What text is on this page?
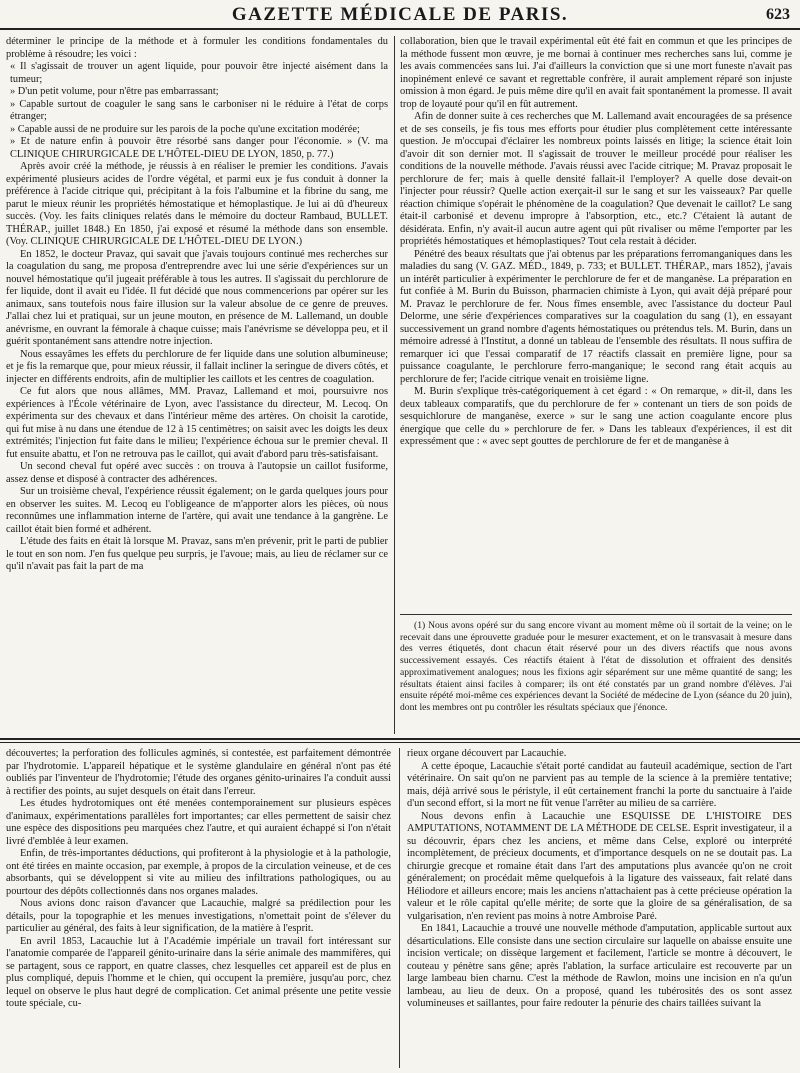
GAZETTE MÉDICALE DE PARIS.	623

déterminer le principe de la méthode et à formuler les conditions fondamentales du problème à résoudre; les voici :

« Il s'agissait de trouver un agent liquide, pour pouvoir être injecté aisément dans la tumeur;

» D'un petit volume, pour n'être pas embarrassant;

» Capable surtout de coaguler le sang sans le carboniser ni le réduire à l'état de corps étranger;

» Capable aussi de ne produire sur les parois de la poche qu'une excitation modérée;

» Et de nature enfin à pouvoir être résorbé sans danger pour l'économie. » (V. ma CLINIQUE CHIRURGICALE DE L'HÔTEL-DIEU DE LYON, 1850, p. 77.)

Après avoir créé la méthode, je réussis à en réaliser le premier les conditions. J'avais expérimenté plusieurs acides de l'ordre végétal, et parmi eux je fus conduit à donner la préférence à l'acide citrique qui, précipitant à la fois l'albumine et la fibrine du sang, me parut le mieux réunir les propriétés hémostatique et hémoplastique. Je lui ai dû d'heureux succès. (Voy. les faits cliniques relatés dans le mémoire du docteur Rambaud, BULLET. THÉRAP., juillet 1848.) En 1850, j'ai exposé et résumé la méthode dans son ensemble. (Voy. CLINIQUE CHIRURGICALE DE L'HÔTEL-DIEU DE LYON.)

En 1852, le docteur Pravaz, qui savait que j'avais toujours continué mes recherches sur la coagulation du sang, me proposa d'entreprendre avec lui une série d'expériences sur un nouvel hémostatique qu'il jugeait préférable à tous les autres. Il s'agissait du perchlorure de fer liquide, dont il avait eu l'idée. Il fut décidé que nous commencerions par opérer sur les animaux, sans toutefois nous faire illusion sur la valeur absolue de ce genre de preuves. J'allai chez lui et pratiquai, sur un jeune mouton, en présence de M. Lallemand, un double anévrisme, en ouvrant la fémorale à chaque cuisse; mais l'anévrisme se développa peu, et il guérit spontanément sans attendre notre injection.

Nous essayâmes les effets du perchlorure de fer liquide dans une solution albumineuse; et je fis la remarque que, pour mieux réussir, il fallait incliner la seringue de divers côtés, et injecter en différents endroits, afin de multiplier les caillots et les centres de coagulation.

Ce fut alors que nous allâmes, MM. Pravaz, Lallemand et moi, poursuivre nos expériences à l'École vétérinaire de Lyon, avec l'assistance du directeur, M. Lecoq. On expérimenta sur des chevaux et dans l'intérieur même des artères. On choisit la carotide, qui fut mise à nu dans une étendue de 12 à 15 centimètres; on saisit avec les doigts les deux extrémités; l'injection fut faite dans le milieu; l'expérience échoua sur le premier cheval. Il fut ensuite abattu, et l'on ne retrouva pas le caillot, qui avait d'abord paru très-satisfaisant.

Un second cheval fut opéré avec succès : on trouva à l'autopsie un caillot fusiforme, assez dense et disposé à contracter des adhérences.

Sur un troisième cheval, l'expérience réussit également; on le garda quelques jours pour en observer les suites. M. Lecoq eu l'obligeance de m'apporter alors les pièces, où nous reconnûmes une inflammation interne de l'artère, qui avait une tendance à la gangrène. Le caillot était bien formé et adhérent.

L'étude des faits en était là lorsque M. Pravaz, sans m'en prévenir, prit le parti de publier le tout en son nom. J'en fus quelque peu surpris, je l'avoue; mais, au lieu de réclamer sur ce qu'il n'avait pas fait la part de ma

collaboration, bien que le travail expérimental eût été fait en commun et que les principes de la méthode fussent mon œuvre, je me bornai à continuer mes recherches sans lui, comme je les avais commencées sans lui. J'ai d'ailleurs la conviction que si une mort funeste n'avait pas inopinément enlevé ce savant et regrettable confrère, il aurait amplement réparé son injuste omission à mon égard. Je puis même dire qu'il en avait fait spontanément la promesse. Il avait trop de loyauté pour qu'il en fût autrement.

Afin de donner suite à ces recherches que M. Lallemand avait encouragées de sa présence et de ses conseils, je fis tous mes efforts pour étudier plus complètement cette intéressante question. Je m'occupai d'éclairer les nombreux points laissés en litige; la science était loin d'avoir dit son dernier mot. Il s'agissait de trouver le meilleur procédé pour réaliser les conditions de la nouvelle méthode. J'avais réussi avec l'acide citrique; M. Pravaz proposait le perchlorure de fer; mais à quelle densité fallait-il l'employer? A quelle dose devait-on l'injecter pour réussir? Quelle action exerçait-il sur le sang et sur les vaisseaux? Par quelle réaction chimique s'opérait le phénomène de la coagulation? Que devenait le caillot? Le sang était-il carbonisé et devenu impropre à l'absorption, etc., etc.? C'étaient là autant de désidérata. Enfin, n'y avait-il aucun autre agent qui pût rivaliser ou même l'emporter par les propriétés hémostatiques et hémoplastiques? Tout cela restait à décider.

Pénétré des beaux résultats que j'ai obtenus par les préparations ferromanganiques dans les maladies du sang (V. GAZ. MÉD., 1849, p. 733; et BULLET. THÉRAP., mars 1852), j'avais un intérêt particulier à expérimenter le perchlorure de fer et de manganèse. La préparation en fut confiée à M. Burin du Buisson, pharmacien chimiste à Lyon, qui avait déjà préparé pour M. Pravaz le perchlorure de fer. Nous fîmes ensemble, avec l'assistance du docteur Paul Delorme, une série d'expériences comparatives sur la coagulation du sang (1), en essayant successivement un grand nombre d'agents hémostatiques ou prétendus tels. M. Burin, dans un mémoire adressé à l'Institut, a donné un tableau de l'ensemble des résultats. Il nous suffira de remarquer ici que l'essai comparatif de 17 réactifs classait en première ligne, pour sa puissance coagulante, le perchlorure ferro-manganique; le second rang était acquis au perchlorure de fer; l'acide citrique venait en troisième ligne.

M. Burin s'explique très-catégoriquement à cet égard : « On remarque, » dit-il, dans les deux tableaux comparatifs, que du perchlorure de fer » contenant un tiers de son poids de sesquichlorure de manganèse, exerce » sur le sang une action coagulante encore plus énergique que celle du » perchlorure de fer. » Dans les tableaux d'expériences, il est dit expressément que : « avec sept gouttes de perchlorure de fer et de manganèse à

(1) Nous avons opéré sur du sang encore vivant au moment même où il sortait de la veine; on le recevait dans une éprouvette graduée pour le mesurer exactement, et on le transvasait à mesure dans des verres étiquetés, dont chacun était réservé pour un des divers réactifs que nous avons successivement essayés. Ces réactifs étaient à l'état de dissolution et offraient des densités approximativement analogues; nous les fixions agir séparément sur une même quantité de sang; les résultats étaient ainsi faciles à comparer; ils ont été constatés par un grand nombre d'élèves. J'ai ensuite répété moi-même ces expériences devant la Société de médecine de Lyon (séance du 20 juin), dont les membres ont pu contrôler les résultats spéciaux que j'énonce.

découvertes; la perforation des follicules agminés, si contestée, est parfaitement démontrée par l'hydrotomie. L'appareil hépatique et le système glandulaire en général n'ont pas été oubliés par l'inventeur de l'hydrotomie; l'étude des organes génito-urinaires l'a conduit aussi à rectifier des points, au sujet desquels on était dans l'erreur.

Les études hydrotomiques ont été menées contemporainement sur plusieurs espèces d'animaux, expérimentations parallèles fort importantes; car elles permettent de saisir chez une espèce des dispositions peu marquées chez l'autre, et qui auraient échappé si l'on n'était livré d'emblée à leur examen.

Enfin, de très-importantes déductions, qui profiteront à la physiologie et à la pathologie, ont été tirées en mainte occasion, par exemple, à propos de la circulation veineuse, et de ces absorbants, qui se développent si vite au milieu des infiltrations pathologiques, ou au pourtour des dépôts collectionnés dans nos organes malades.

Nous avions donc raison d'avancer que Lacauchie, malgré sa prédilection pour les détails, pour la topographie et les menues investigations, n'omettait point de s'élever du particulier au général, des faits à leur signification, de la matière à l'esprit.

En avril 1853, Lacauchie lut à l'Académie impériale un travail fort intéressant sur l'anatomie comparée de l'appareil génito-urinaire dans la série animale des mammifères, qui se partagent, sous ce rapport, en quatre classes, chez lesquelles cet appareil est de plus en plus compliqué, depuis l'homme et le chien, qui occupent la première, jusqu'au porc, chez lequel on observe le plus haut degré de complication. Cet animal présente une petite vessie toute spéciale, cu-

rieux organe découvert par Lacauchie.

A cette époque, Lacauchie s'était porté candidat au fauteuil académique, section de l'art vétérinaire. On sait qu'on ne parvient pas au temple de la science à la première tentative; mais, déjà arrivé sous le péristyle, il eût certainement franchi la porte du sanctuaire à l'aide d'un second effort, si la mort ne fût venue l'arrêter au milieu de sa carrière.

Nous devons enfin à Lacauchie une ESQUISSE DE L'HISTOIRE DES AMPUTATIONS, NOTAMMENT DE LA MÉTHODE DE CELSE. Esprit investigateur, il a su découvrir, épars chez les anciens, et même dans Celse, exploré ou interprété incomplètement, de précieux documents, et d'importance desquels on ne se doutait pas. La chirurgie grecque et romaine était dans l'art des amputations plus avancée qu'on ne croit généralement; on procédait même quelquefois à la ligature des vaisseaux, fait relaté dans Héliodore et ailleurs encore; mais les anciens n'attachaient pas à cette précieuse opération la valeur et le rôle capital qu'elle mérite; de sorte que la gloire de sa généralisation, de sa vulgarisation, n'en revient pas moins à notre Ambroise Paré.

En 1841, Lacauchie a trouvé une nouvelle méthode d'amputation, applicable surtout aux désarticulations. Elle consiste dans une section circulaire sur laquelle on abaisse ensuite une incision verticale; on dissèque largement et facilement, l'article se montre à découvert, le couteau y pénètre sans gêne; après l'ablation, la surface articulaire est recouverte par un large lambeau bien charnu. C'est la méthode de Rawlon, moins une incision en n'a qu'un lambeau, au lieu de deux. On a proposé, quand les tubérosités des os sont assez volumineuses et saillantes, pour faire redouter la pénurie des chairs taillées suivant la
